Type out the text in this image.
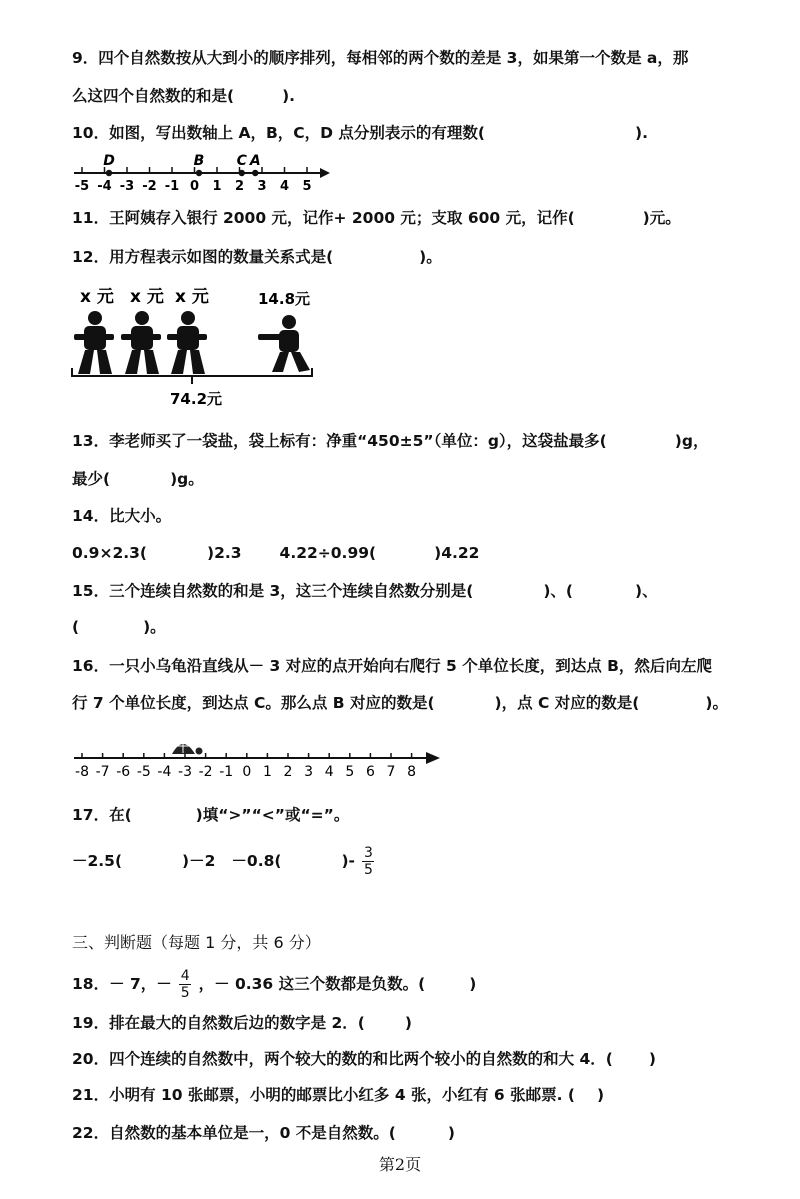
9．四个自然数按从大到小的顺序排列，每相邻的两个数的差是 3，如果第一个数是 a，那
么这四个自然数的和是(	).
10．如图，写出数轴上 A，B，C，D 点分别表示的有理数(	).
-5 -4 -3 -2 -1 0 1 2 3 4 5
D	B C A
11．王阿姨存入银行 2000 元，记作+ 2000 元；支取 600 元，记作(	)元。
12．用方程表示如图的数量关系式是(	)。
x 元 x 元 x 元	14.8元
74.2元
13．李老师买了一袋盐，袋上标有：净重“450±5”（单位：g），这袋盐最多(	)g，
最少(	)g。
14．比大小。
0.9×2.3(	)2.3 4.22÷0.99(	)4.22
15．三个连续自然数的和是 3，这三个连续自然数分别是(	)、(	)、
(	)。
16．一只小乌龟沿直线从－ 3 对应的点开始向右爬行 5 个单位长度，到达点 B，然后向左爬
行 7 个单位长度，到达点 C。那么点 B 对应的数是(	)，点 C 对应的数是(	)。
-8 -7 -6 -5 -4 -3 -2 -1 0 1 2 3 4 5 6 7 8
17．在(	)填“>”“<”或“=”。
－2.5(	)－2 －0.8(	)- $\frac{3}{5}$
三、判断题（每题 1 分，共 6 分）
18．－ 7，－ $\frac{4}{5}$ ，－ 0.36 这三个数都是负数。(	)
19．排在最大的自然数后边的数字是 2．(	)
20．四个连续的自然数中，两个较大的数的和比两个较小的自然数的和大 4．( )
21．小明有 10 张邮票，小明的邮票比小红多 4 张，小红有 6 张邮票. ( )
22．自然数的基本单位是一，0 不是自然数。(	)
第2页
